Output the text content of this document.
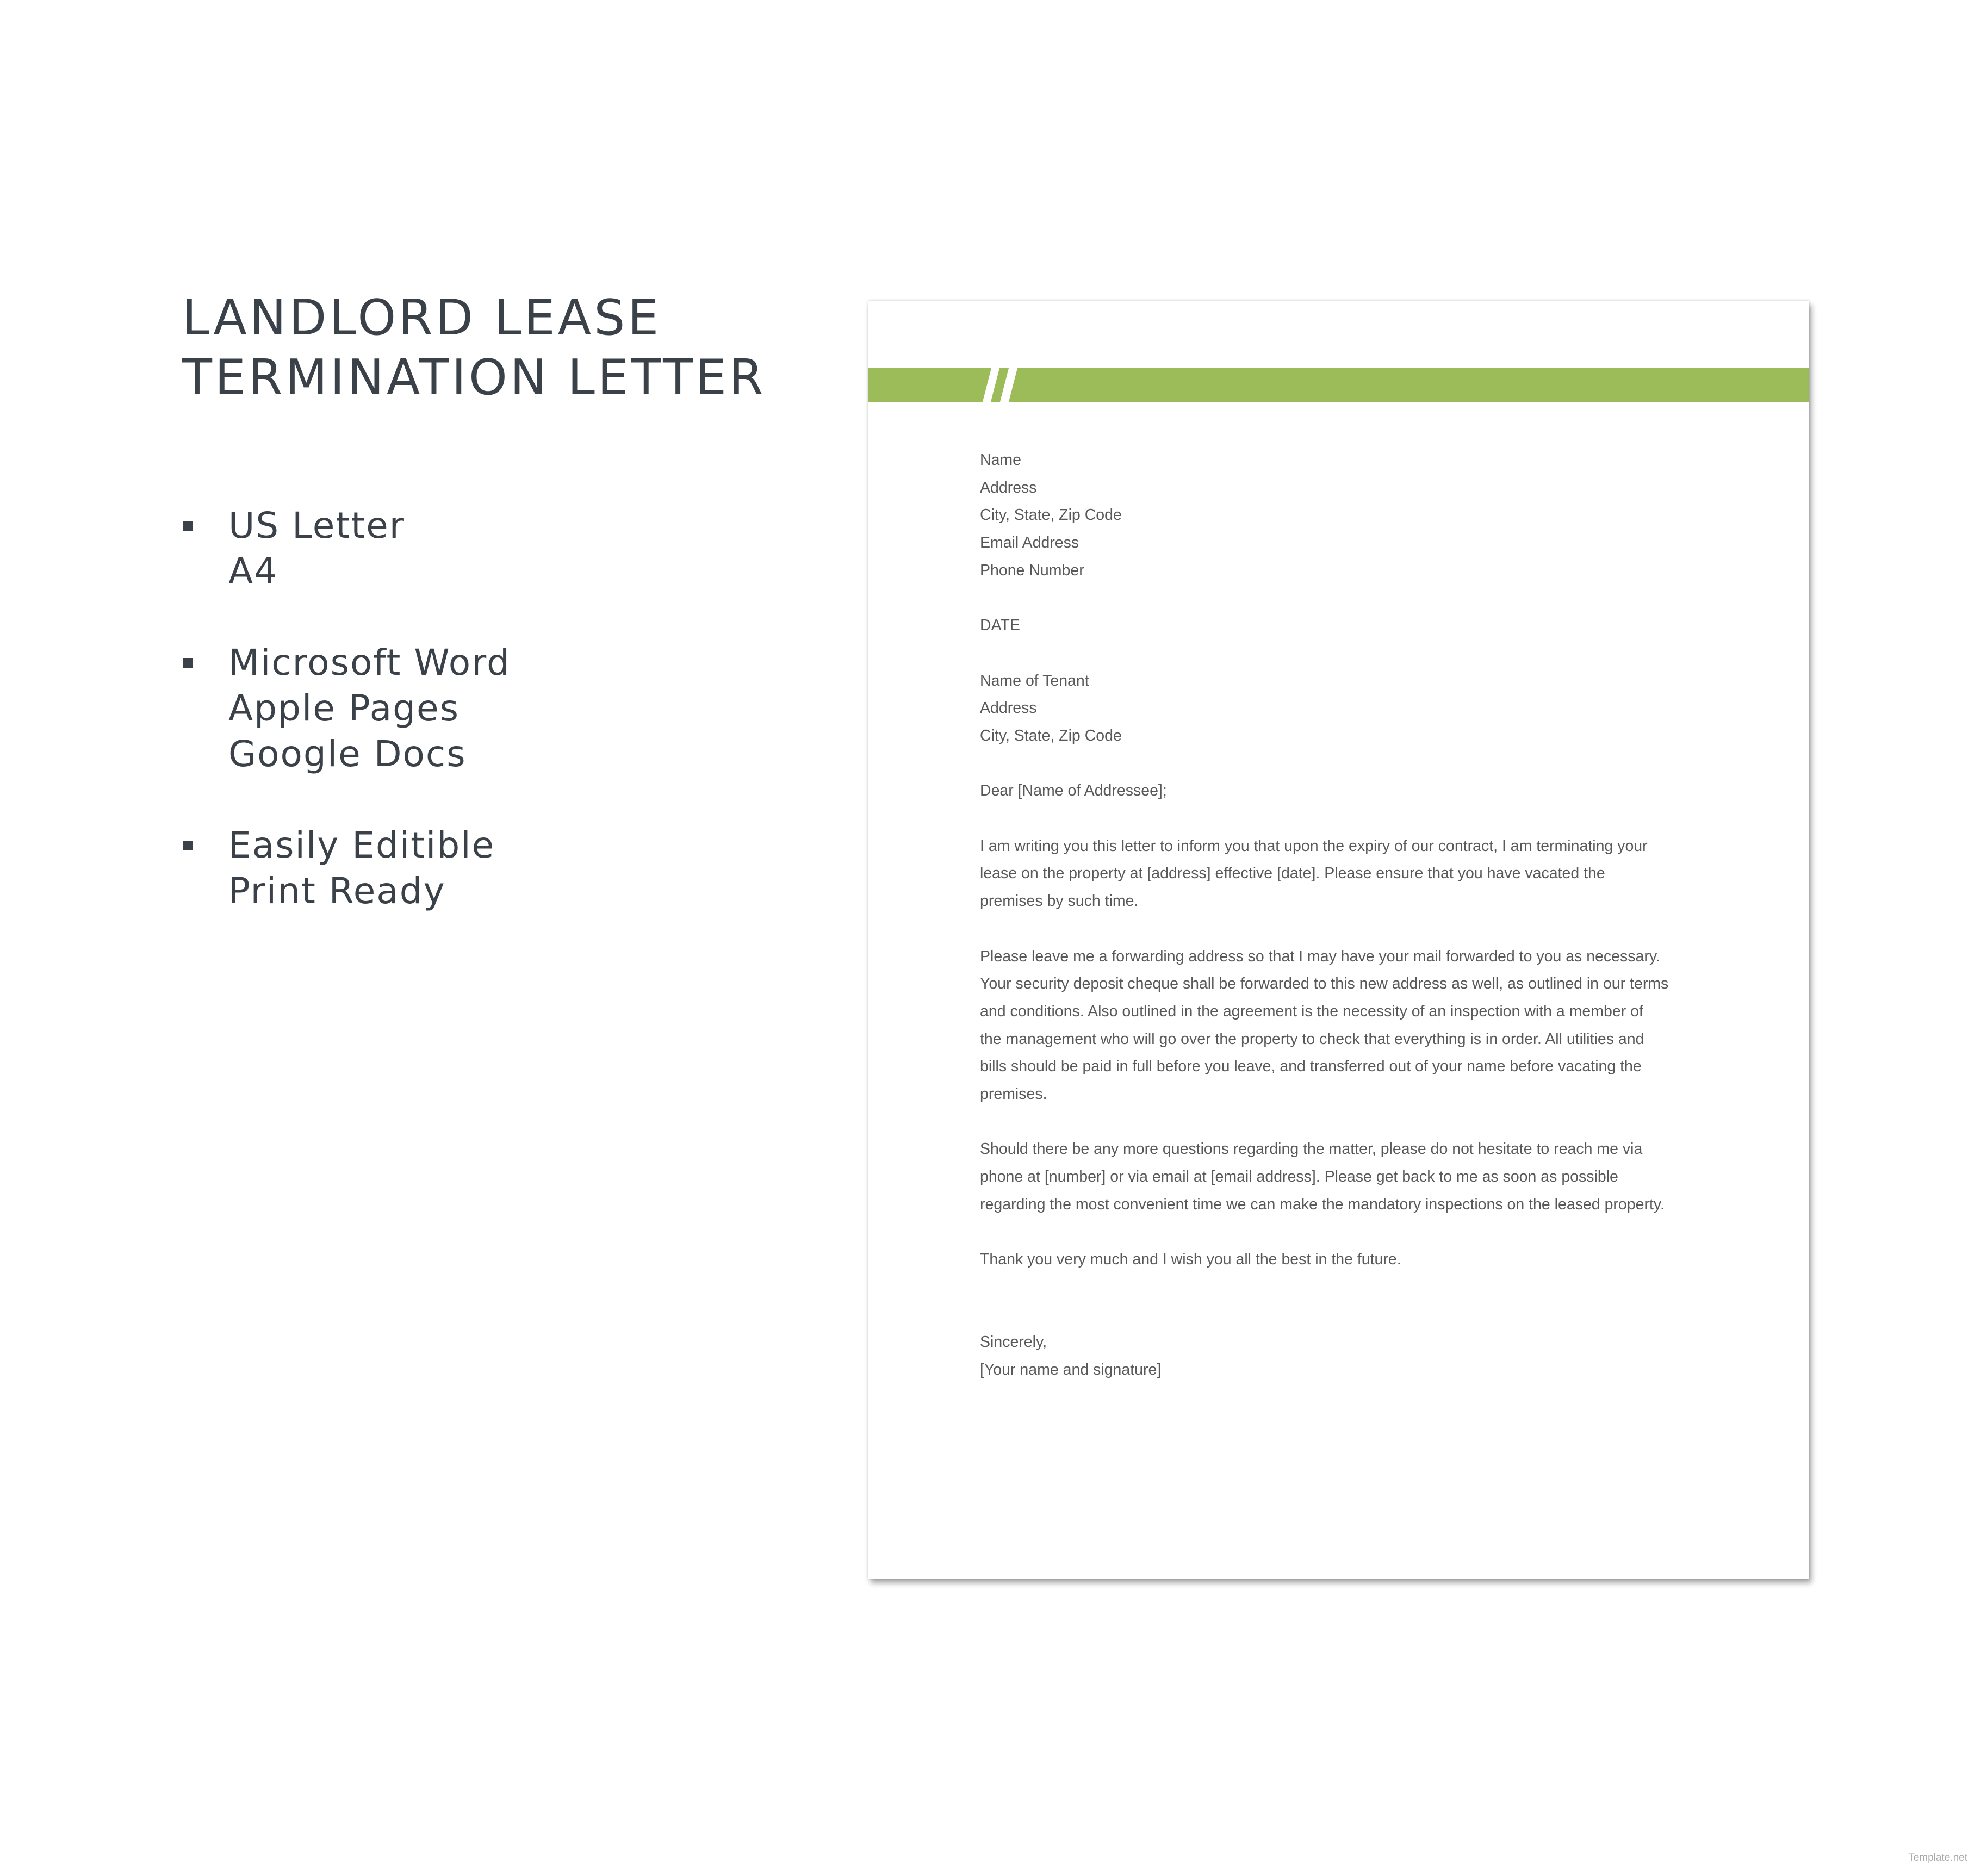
LANDLORD LEASE
TERMINATION LETTER
US Letter
A4
Microsoft Word
Apple Pages
Google Docs
Easily Editible
Print Ready

Name

Address

City, State, Zip Code

Email Address

Phone Number

DATE

Name of Tenant

Address

City, State, Zip Code

Dear [Name of Addressee];

I am writing you this letter to inform you that upon the expiry of our contract, I am terminating your

lease on the property at [address] effective [date]. Please ensure that you have vacated the

premises by such time.

Please leave me a forwarding address so that I may have your mail forwarded to you as necessary.

Your security deposit cheque shall be forwarded to this new address as well, as outlined in our terms

and conditions. Also outlined in the agreement is the necessity of an inspection with a member of

the management who will go over the property to check that everything is in order. All utilities and

bills should be paid in full before you leave, and transferred out of your name before vacating the

premises.

Should there be any more questions regarding the matter, please do not hesitate to reach me via

phone at [number] or via email at [email address]. Please get back to me as soon as possible

regarding the most convenient time we can make the mandatory inspections on the leased property.

Thank you very much and I wish you all the best in the future.

Sincerely,

[Your name and signature]

Template.net
